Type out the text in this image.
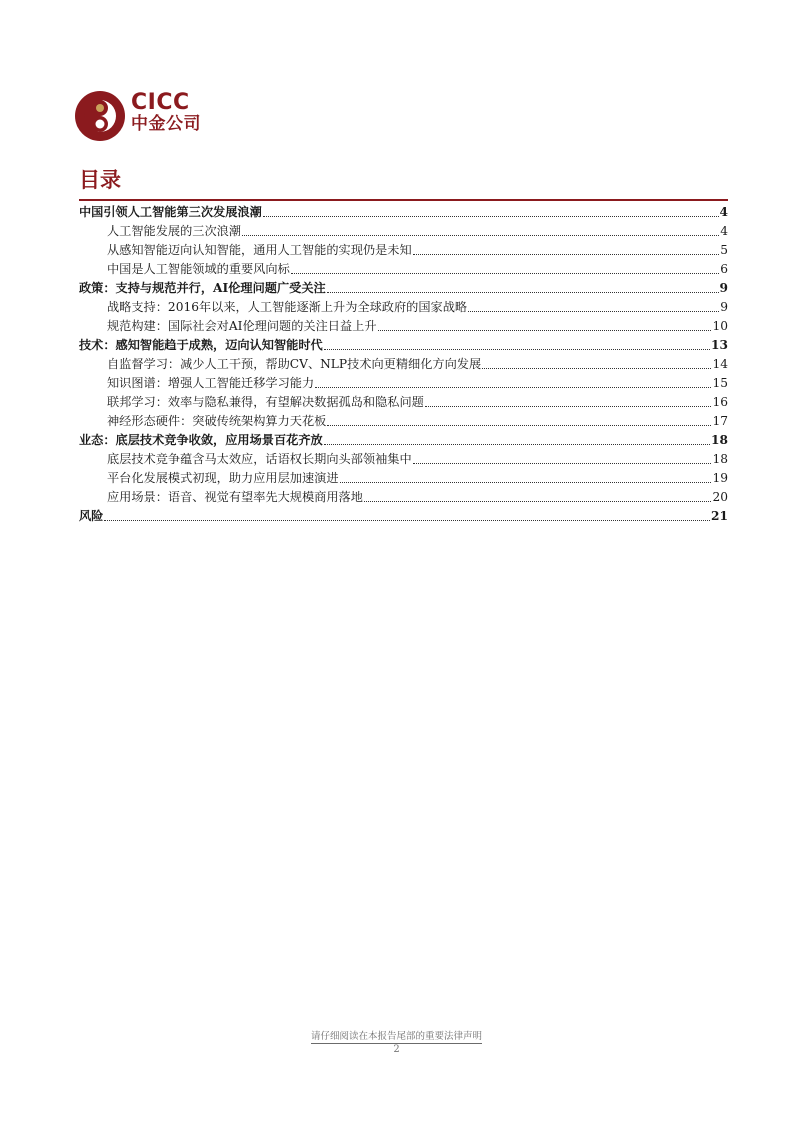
CICC
中金公司
目录
中国引领人工智能第三次发展浪潮	4
人工智能发展的三次浪潮	4
从感知智能迈向认知智能，通用人工智能的实现仍是未知	5
中国是人工智能领域的重要风向标	6
政策：支持与规范并行，AI伦理问题广受关注	9
战略支持：2016年以来，人工智能逐渐上升为全球政府的国家战略	9
规范构建：国际社会对AI伦理问题的关注日益上升	10
技术：感知智能趋于成熟，迈向认知智能时代	13
自监督学习：减少人工干预，帮助CV、NLP技术向更精细化方向发展	14
知识图谱：增强人工智能迁移学习能力	15
联邦学习：效率与隐私兼得，有望解决数据孤岛和隐私问题	16
神经形态硬件：突破传统架构算力天花板	17
业态：底层技术竞争收敛，应用场景百花齐放	18
底层技术竞争蕴含马太效应，话语权长期向头部领袖集中	18
平台化发展模式初现，助力应用层加速演进	19
应用场景：语音、视觉有望率先大规模商用落地	20
风险	21
请仔细阅读在本报告尾部的重要法律声明
2
